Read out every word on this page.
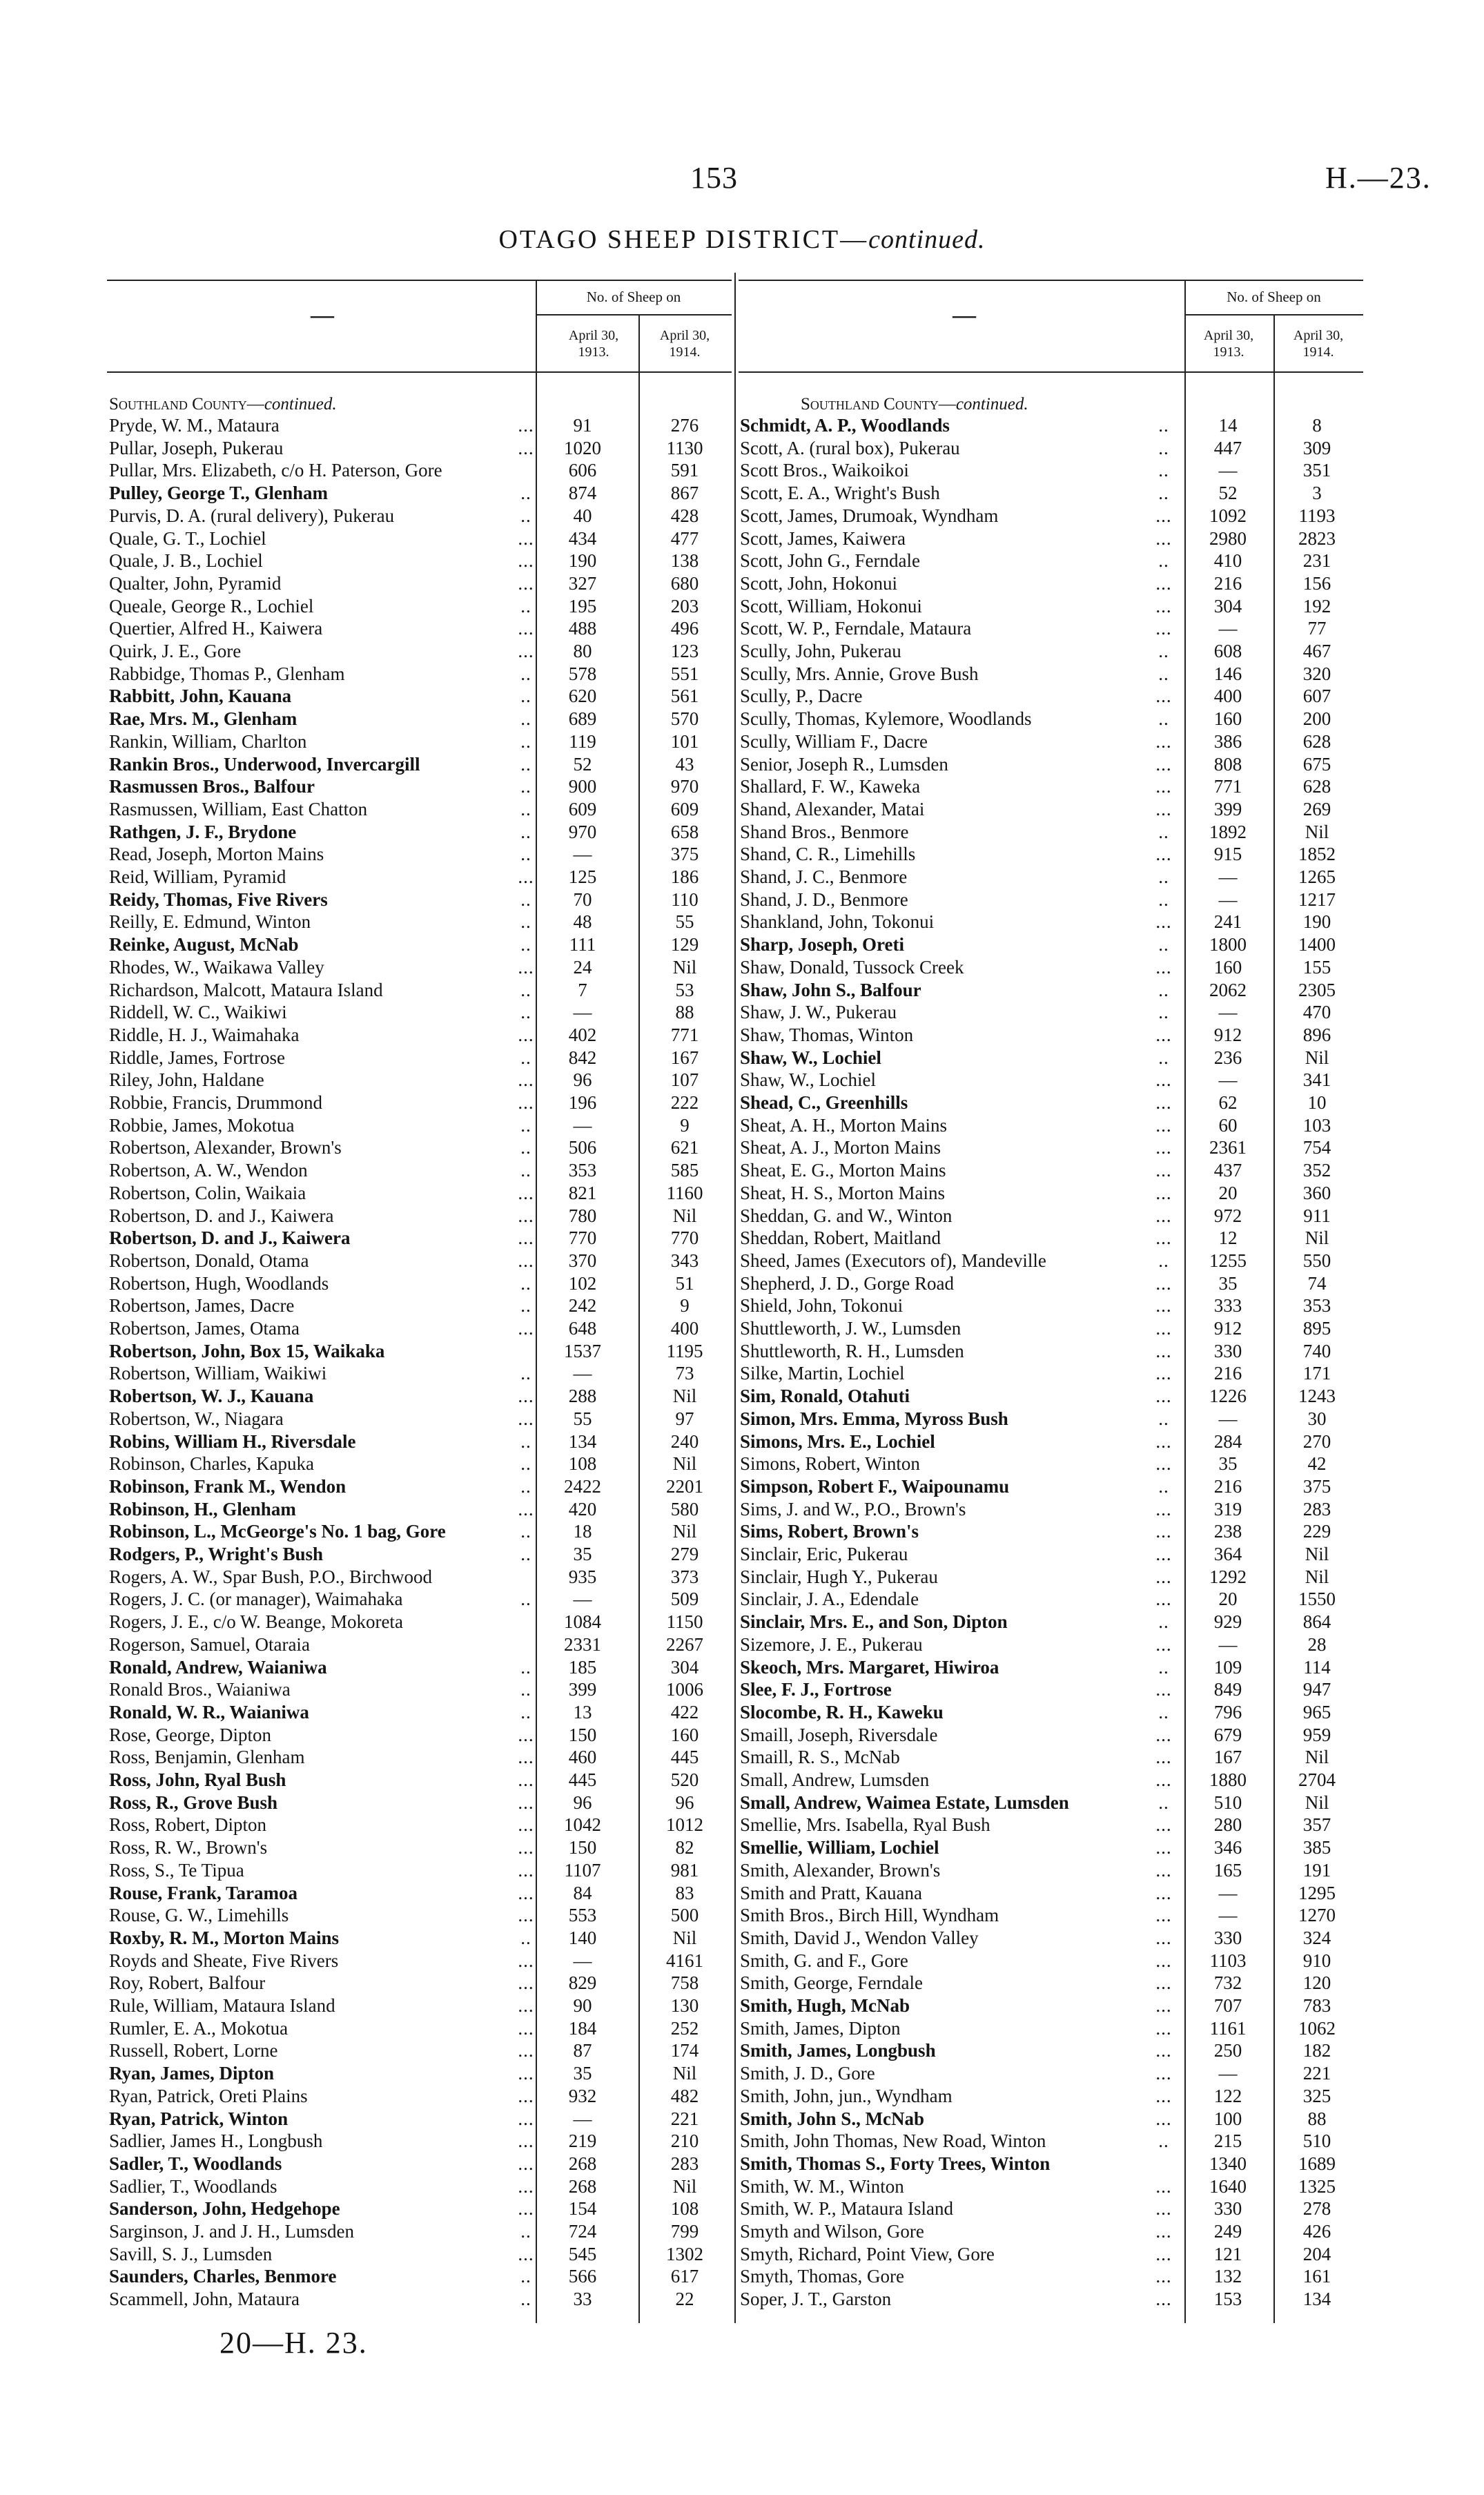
153	H.—23.
OTAGO SHEEP DISTRICT—continued.
—
No. of Sheep on
April 30, 1913.
April 30, 1914.
—
No. of Sheep on
April 30, 1913.
April 30, 1914.
Southland County—continued.	Southland County—continued.
Pryde, W. M., Mataura	...	91	276
Pullar, Joseph, Pukerau	...	1020	1130
Pullar, Mrs. Elizabeth, c/o H. Paterson, Gore	606	591
Pulley, George T., Glenham	..	874	867
Purvis, D. A. (rural delivery), Pukerau	..	40	428
Quale, G. T., Lochiel	...	434	477
Quale, J. B., Lochiel	...	190	138
Qualter, John, Pyramid	...	327	680
Queale, George R., Lochiel	..	195	203
Quertier, Alfred H., Kaiwera	...	488	496
Quirk, J. E., Gore	...	80	123
Rabbidge, Thomas P., Glenham	..	578	551
Rabbitt, John, Kauana	..	620	561
Rae, Mrs. M., Glenham	..	689	570
Rankin, William, Charlton	..	119	101
Rankin Bros., Underwood, Invercargill	..	52	43
Rasmussen Bros., Balfour	..	900	970
Rasmussen, William, East Chatton	..	609	609
Rathgen, J. F., Brydone	..	970	658
Read, Joseph, Morton Mains	..	—	375
Reid, William, Pyramid	...	125	186
Reidy, Thomas, Five Rivers	..	70	110
Reilly, E. Edmund, Winton	..	48	55
Reinke, August, McNab	..	111	129
Rhodes, W., Waikawa Valley	...	24	Nil
Richardson, Malcott, Mataura Island	..	7	53
Riddell, W. C., Waikiwi	..	—	88
Riddle, H. J., Waimahaka	...	402	771
Riddle, James, Fortrose	..	842	167
Riley, John, Haldane	...	96	107
Robbie, Francis, Drummond	...	196	222
Robbie, James, Mokotua	..	—	9
Robertson, Alexander, Brown's	..	506	621
Robertson, A. W., Wendon	..	353	585
Robertson, Colin, Waikaia	...	821	1160
Robertson, D. and J., Kaiwera	...	780	Nil
Robertson, D. and J., Kaiwera	...	770	770
Robertson, Donald, Otama	...	370	343
Robertson, Hugh, Woodlands	..	102	51
Robertson, James, Dacre	..	242	9
Robertson, James, Otama	...	648	400
Robertson, John, Box 15, Waikaka	1537	1195
Robertson, William, Waikiwi	..	—	73
Robertson, W. J., Kauana	...	288	Nil
Robertson, W., Niagara	...	55	97
Robins, William H., Riversdale	..	134	240
Robinson, Charles, Kapuka	..	108	Nil
Robinson, Frank M., Wendon	..	2422	2201
Robinson, H., Glenham	...	420	580
Robinson, L., McGeorge's No. 1 bag, Gore	..	18	Nil
Rodgers, P., Wright's Bush	..	35	279
Rogers, A. W., Spar Bush, P.O., Birchwood	935	373
Rogers, J. C. (or manager), Waimahaka	..	—	509
Rogers, J. E., c/o W. Beange, Mokoreta	1084	1150
Rogerson, Samuel, Otaraia	2331	2267
Ronald, Andrew, Waianiwa	..	185	304
Ronald Bros., Waianiwa	..	399	1006
Ronald, W. R., Waianiwa	..	13	422
Rose, George, Dipton	...	150	160
Ross, Benjamin, Glenham	...	460	445
Ross, John, Ryal Bush	...	445	520
Ross, R., Grove Bush	...	96	96
Ross, Robert, Dipton	...	1042	1012
Ross, R. W., Brown's	...	150	82
Ross, S., Te Tipua	...	1107	981
Rouse, Frank, Taramoa	...	84	83
Rouse, G. W., Limehills	...	553	500
Roxby, R. M., Morton Mains	..	140	Nil
Royds and Sheate, Five Rivers	...	—	4161
Roy, Robert, Balfour	...	829	758
Rule, William, Mataura Island	...	90	130
Rumler, E. A., Mokotua	...	184	252
Russell, Robert, Lorne	...	87	174
Ryan, James, Dipton	...	35	Nil
Ryan, Patrick, Oreti Plains	...	932	482
Ryan, Patrick, Winton	...	—	221
Sadlier, James H., Longbush	...	219	210
Sadler, T., Woodlands	...	268	283
Sadlier, T., Woodlands	...	268	Nil
Sanderson, John, Hedgehope	...	154	108
Sarginson, J. and J. H., Lumsden	..	724	799
Savill, S. J., Lumsden	...	545	1302
Saunders, Charles, Benmore	..	566	617
Scammell, John, Mataura	..	33	22
Schmidt, A. P., Woodlands	..	14	8
Scott, A. (rural box), Pukerau	..	447	309
Scott Bros., Waikoikoi	..	—	351
Scott, E. A., Wright's Bush	..	52	3
Scott, James, Drumoak, Wyndham	...	1092	1193
Scott, James, Kaiwera	...	2980	2823
Scott, John G., Ferndale	..	410	231
Scott, John, Hokonui	...	216	156
Scott, William, Hokonui	...	304	192
Scott, W. P., Ferndale, Mataura	...	—	77
Scully, John, Pukerau	..	608	467
Scully, Mrs. Annie, Grove Bush	..	146	320
Scully, P., Dacre	...	400	607
Scully, Thomas, Kylemore, Woodlands	..	160	200
Scully, William F., Dacre	...	386	628
Senior, Joseph R., Lumsden	...	808	675
Shallard, F. W., Kaweka	...	771	628
Shand, Alexander, Matai	...	399	269
Shand Bros., Benmore	..	1892	Nil
Shand, C. R., Limehills	...	915	1852
Shand, J. C., Benmore	..	—	1265
Shand, J. D., Benmore	..	—	1217
Shankland, John, Tokonui	...	241	190
Sharp, Joseph, Oreti	..	1800	1400
Shaw, Donald, Tussock Creek	...	160	155
Shaw, John S., Balfour	..	2062	2305
Shaw, J. W., Pukerau	..	—	470
Shaw, Thomas, Winton	...	912	896
Shaw, W., Lochiel	..	236	Nil
Shaw, W., Lochiel	...	—	341
Shead, C., Greenhills	...	62	10
Sheat, A. H., Morton Mains	...	60	103
Sheat, A. J., Morton Mains	...	2361	754
Sheat, E. G., Morton Mains	...	437	352
Sheat, H. S., Morton Mains	...	20	360
Sheddan, G. and W., Winton	...	972	911
Sheddan, Robert, Maitland	...	12	Nil
Sheed, James (Executors of), Mandeville	..	1255	550
Shepherd, J. D., Gorge Road	...	35	74
Shield, John, Tokonui	...	333	353
Shuttleworth, J. W., Lumsden	...	912	895
Shuttleworth, R. H., Lumsden	...	330	740
Silke, Martin, Lochiel	...	216	171
Sim, Ronald, Otahuti	...	1226	1243
Simon, Mrs. Emma, Myross Bush	..	—	30
Simons, Mrs. E., Lochiel	...	284	270
Simons, Robert, Winton	...	35	42
Simpson, Robert F., Waipounamu	..	216	375
Sims, J. and W., P.O., Brown's	...	319	283
Sims, Robert, Brown's	...	238	229
Sinclair, Eric, Pukerau	...	364	Nil
Sinclair, Hugh Y., Pukerau	...	1292	Nil
Sinclair, J. A., Edendale	...	20	1550
Sinclair, Mrs. E., and Son, Dipton	..	929	864
Sizemore, J. E., Pukerau	...	—	28
Skeoch, Mrs. Margaret, Hiwiroa	..	109	114
Slee, F. J., Fortrose	...	849	947
Slocombe, R. H., Kaweku	..	796	965
Smaill, Joseph, Riversdale	...	679	959
Smaill, R. S., McNab	...	167	Nil
Small, Andrew, Lumsden	...	1880	2704
Small, Andrew, Waimea Estate, Lumsden	..	510	Nil
Smellie, Mrs. Isabella, Ryal Bush	...	280	357
Smellie, William, Lochiel	...	346	385
Smith, Alexander, Brown's	...	165	191
Smith and Pratt, Kauana	...	—	1295
Smith Bros., Birch Hill, Wyndham	...	—	1270
Smith, David J., Wendon Valley	...	330	324
Smith, G. and F., Gore	...	1103	910
Smith, George, Ferndale	...	732	120
Smith, Hugh, McNab	...	707	783
Smith, James, Dipton	...	1161	1062
Smith, James, Longbush	...	250	182
Smith, J. D., Gore	...	—	221
Smith, John, jun., Wyndham	...	122	325
Smith, John S., McNab	...	100	88
Smith, John Thomas, New Road, Winton	..	215	510
Smith, Thomas S., Forty Trees, Winton	1340	1689
Smith, W. M., Winton	...	1640	1325
Smith, W. P., Mataura Island	...	330	278
Smyth and Wilson, Gore	...	249	426
Smyth, Richard, Point View, Gore	...	121	204
Smyth, Thomas, Gore	...	132	161
Soper, J. T., Garston	...	153	134
20—H. 23.
